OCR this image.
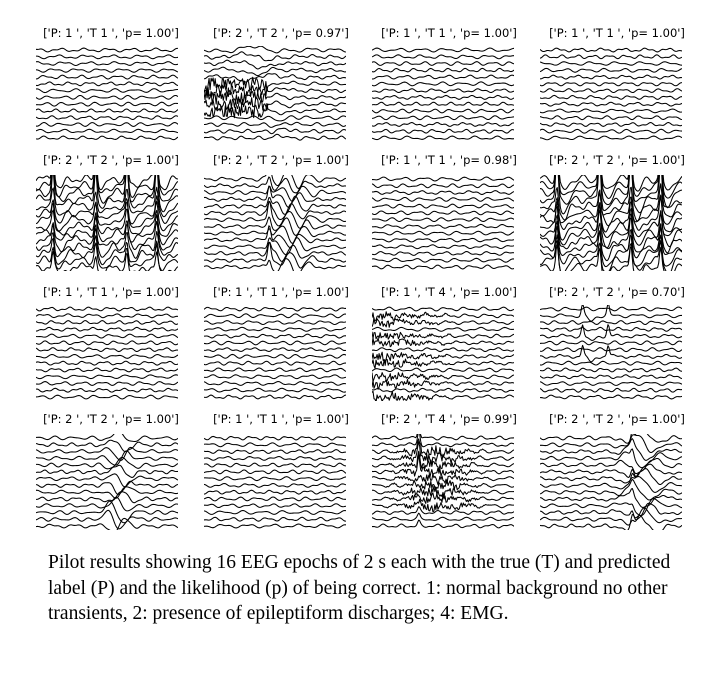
['P: 1 ', 'T 1 ', 'p= 1.00']	['P: 2 ', 'T 2 ', 'p= 0.97']	['P: 1 ', 'T 1 ', 'p= 1.00']	['P: 1 ', 'T 1 ', 'p= 1.00']
['P: 2 ', 'T 2 ', 'p= 1.00']	['P: 2 ', 'T 2 ', 'p= 1.00']	['P: 1 ', 'T 1 ', 'p= 0.98']	['P: 2 ', 'T 2 ', 'p= 1.00']
['P: 1 ', 'T 1 ', 'p= 1.00']	['P: 1 ', 'T 1 ', 'p= 1.00']	['P: 1 ', 'T 4 ', 'p= 1.00']	['P: 2 ', 'T 2 ', 'p= 0.70']
['P: 2 ', 'T 2 ', 'p= 1.00']	['P: 1 ', 'T 1 ', 'p= 1.00']	['P: 2 ', 'T 4 ', 'p= 0.99']	['P: 2 ', 'T 2 ', 'p= 1.00']
Pilot results showing 16 EEG epochs of 2 s each with the true (T) and predicted label (P) and the likelihood (p) of being correct. 1: normal background no other transients, 2: presence of epileptiform discharges; 4: EMG.
